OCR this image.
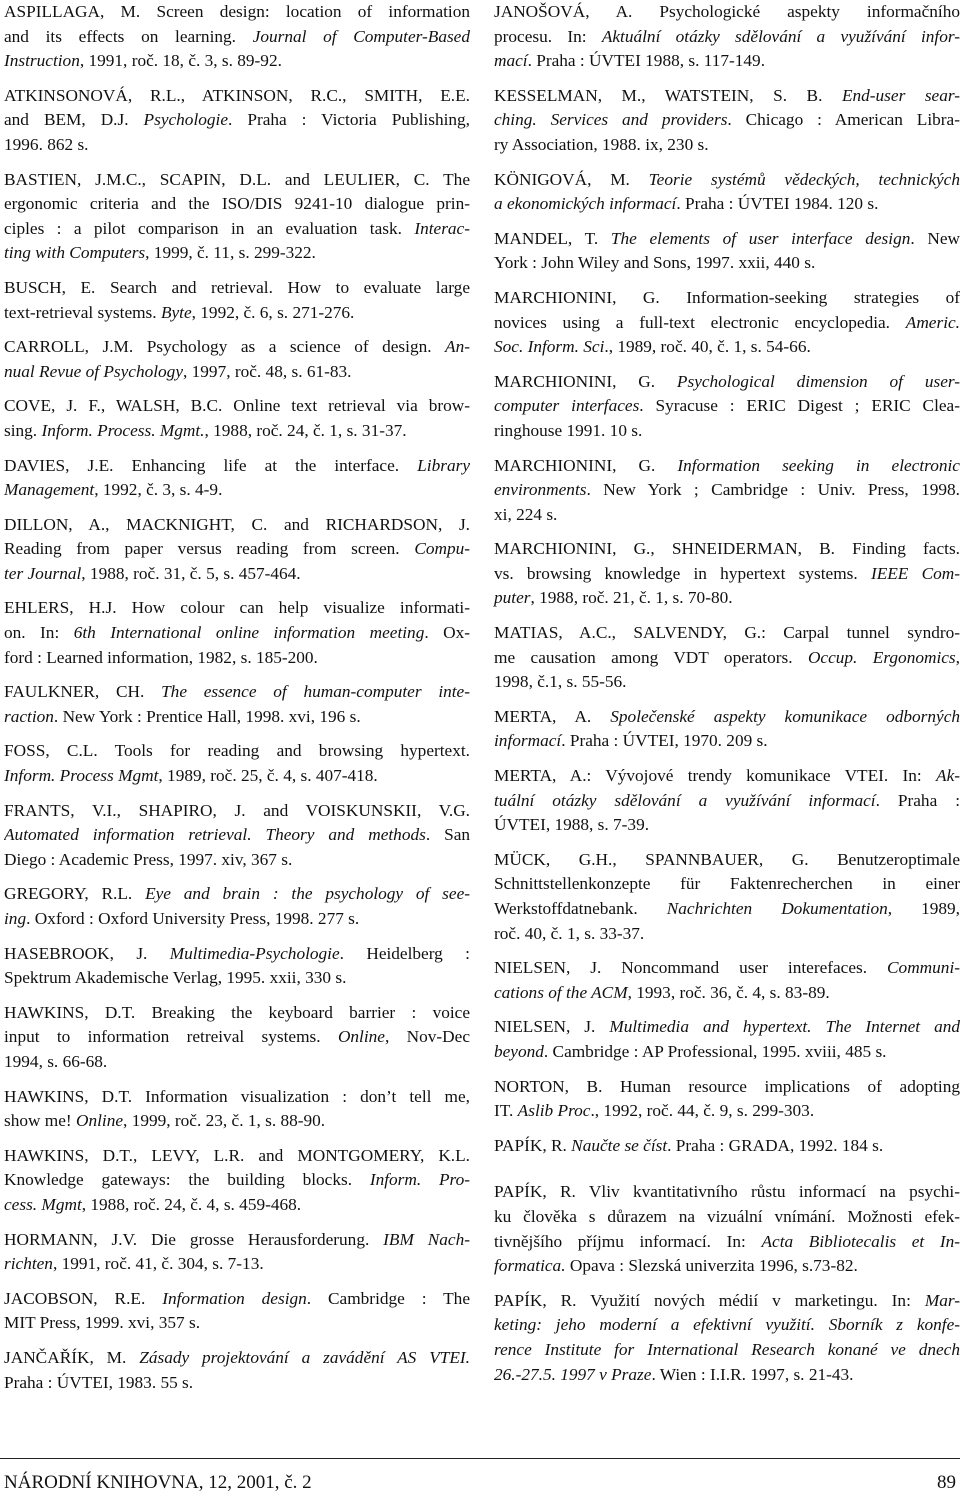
ASPILLAGA, M. Screen design: location of information
and its effects on learning. Journal of Computer-Based
Instruction, 1991, roč. 18, č. 3, s. 89-92.
ATKINSONOVÁ, R.L., ATKINSON, R.C., SMITH, E.E.
and BEM, D.J. Psychologie. Praha : Victoria Publishing,
1996. 862 s.
BASTIEN, J.M.C., SCAPIN, D.L. and LEULIER, C. The
ergonomic criteria and the ISO/DIS 9241-10 dialogue prin-
ciples : a pilot comparison in an evaluation task. Interac-
ting with Computers, 1999, č. 11, s. 299-322.
BUSCH, E. Search and retrieval. How to evaluate large
text-retrieval systems. Byte, 1992, č. 6, s. 271-276.
CARROLL, J.M. Psychology as a science of design. An-
nual Revue of Psychology, 1997, roč. 48, s. 61-83.
COVE, J. F., WALSH, B.C. Online text retrieval via brow-
sing. Inform. Process. Mgmt., 1988, roč. 24, č. 1, s. 31-37.
DAVIES, J.E. Enhancing life at the interface. Library
Management, 1992, č. 3, s. 4-9.
DILLON, A., MACKNIGHT, C. and RICHARDSON, J.
Reading from paper versus reading from screen. Compu-
ter Journal, 1988, roč. 31, č. 5, s. 457-464.
EHLERS, H.J. How colour can help visualize informati-
on. In: 6th International online information meeting. Ox-
ford : Learned information, 1982, s. 185-200.
FAULKNER, CH. The essence of human-computer inte-
raction. New York : Prentice Hall, 1998. xvi, 196 s.
FOSS, C.L. Tools for reading and browsing hypertext.
Inform. Process Mgmt, 1989, roč. 25, č. 4, s. 407-418.
FRANTS, V.I., SHAPIRO, J. and VOISKUNSKII, V.G.
Automated information retrieval. Theory and methods. San
Diego : Academic Press, 1997. xiv, 367 s.
GREGORY, R.L. Eye and brain : the psychology of see-
ing. Oxford : Oxford University Press, 1998. 277 s.
HASEBROOK, J. Multimedia-Psychologie. Heidelberg :
Spektrum Akademische Verlag, 1995. xxii, 330 s.
HAWKINS, D.T. Breaking the keyboard barrier : voice
input to information retreival systems. Online, Nov-Dec
1994, s. 66-68.
HAWKINS, D.T. Information visualization : don’t tell me,
show me! Online, 1999, roč. 23, č. 1, s. 88-90.
HAWKINS, D.T., LEVY, L.R. and MONTGOMERY, K.L.
Knowledge gateways: the building blocks. Inform. Pro-
cess. Mgmt, 1988, roč. 24, č. 4, s. 459-468.
HORMANN, J.V. Die grosse Herausforderung. IBM Nach-
richten, 1991, roč. 41, č. 304, s. 7-13.
JACOBSON, R.E. Information design. Cambridge : The
MIT Press, 1999. xvi, 357 s.
JANČAŘÍK, M. Zásady projektování a zavádění AS VTEI.
Praha : ÚVTEI, 1983. 55 s.
JANOŠOVÁ, A. Psychologické aspekty informačního
procesu. In: Aktuální otázky sdělování a využívání infor-
mací. Praha : ÚVTEI 1988, s. 117-149.
KESSELMAN, M., WATSTEIN, S. B. End-user sear-
ching. Services and providers. Chicago : American Libra-
ry Association, 1988. ix, 230 s.
KÖNIGOVÁ, M. Teorie systémů vědeckých, technických
a ekonomických informací. Praha : ÚVTEI 1984. 120 s.
MANDEL, T. The elements of user interface design. New
York : John Wiley and Sons, 1997. xxii, 440 s.
MARCHIONINI, G. Information-seeking strategies of
novices using a full-text electronic encyclopedia. Americ.
Soc. Inform. Sci., 1989, roč. 40, č. 1, s. 54-66.
MARCHIONINI, G. Psychological dimension of user-
computer interfaces. Syracuse : ERIC Digest ; ERIC Clea-
ringhouse 1991. 10 s.
MARCHIONINI, G. Information seeking in electronic
environments. New York ; Cambridge : Univ. Press, 1998.
xi, 224 s.
MARCHIONINI, G., SHNEIDERMAN, B. Finding facts.
vs. browsing knowledge in hypertext systems. IEEE Com-
puter, 1988, roč. 21, č. 1, s. 70-80.
MATIAS, A.C., SALVENDY, G.: Carpal tunnel syndro-
me causation among VDT operators. Occup. Ergonomics,
1998, č.1, s. 55-56.
MERTA, A. Společenské aspekty komunikace odborných
informací. Praha : ÚVTEI, 1970. 209 s.
MERTA, A.: Vývojové trendy komunikace VTEI. In: Ak-
tuální otázky sdělování a využívání informací. Praha :
ÚVTEI, 1988, s. 7-39.
MÜCK, G.H., SPANNBAUER, G. Benutzeroptimale
Schnittstellenkonzepte für Faktenrecherchen in einer
Werkstoffdatnebank. Nachrichten Dokumentation, 1989,
roč. 40, č. 1, s. 33-37.
NIELSEN, J. Noncommand user interefaces. Communi-
cations of the ACM, 1993, roč. 36, č. 4, s. 83-89.
NIELSEN, J. Multimedia and hypertext. The Internet and
beyond. Cambridge : AP Professional, 1995. xviii, 485 s.
NORTON, B. Human resource implications of adopting
IT. Aslib Proc., 1992, roč. 44, č. 9, s. 299-303.
PAPÍK, R. Naučte se číst. Praha : GRADA, 1992. 184 s.
PAPÍK, R. Vliv kvantitativního růstu informací na psychi-
ku člověka s důrazem na vizuální vnímání. Možnosti efek-
tivnějšího příjmu informací. In: Acta Bibliotecalis et In-
formatica. Opava : Slezská univerzita 1996, s.73-82.
PAPÍK, R. Využití nových médií v marketingu. In: Mar-
keting: jeho moderní a efektivní využití. Sborník z konfe-
rence Institute for International Research konané ve dnech
26.-27.5. 1997 v Praze. Wien : I.I.R. 1997, s. 21-43.
NÁRODNÍ KNIHOVNA, 12, 2001, č. 2	89
